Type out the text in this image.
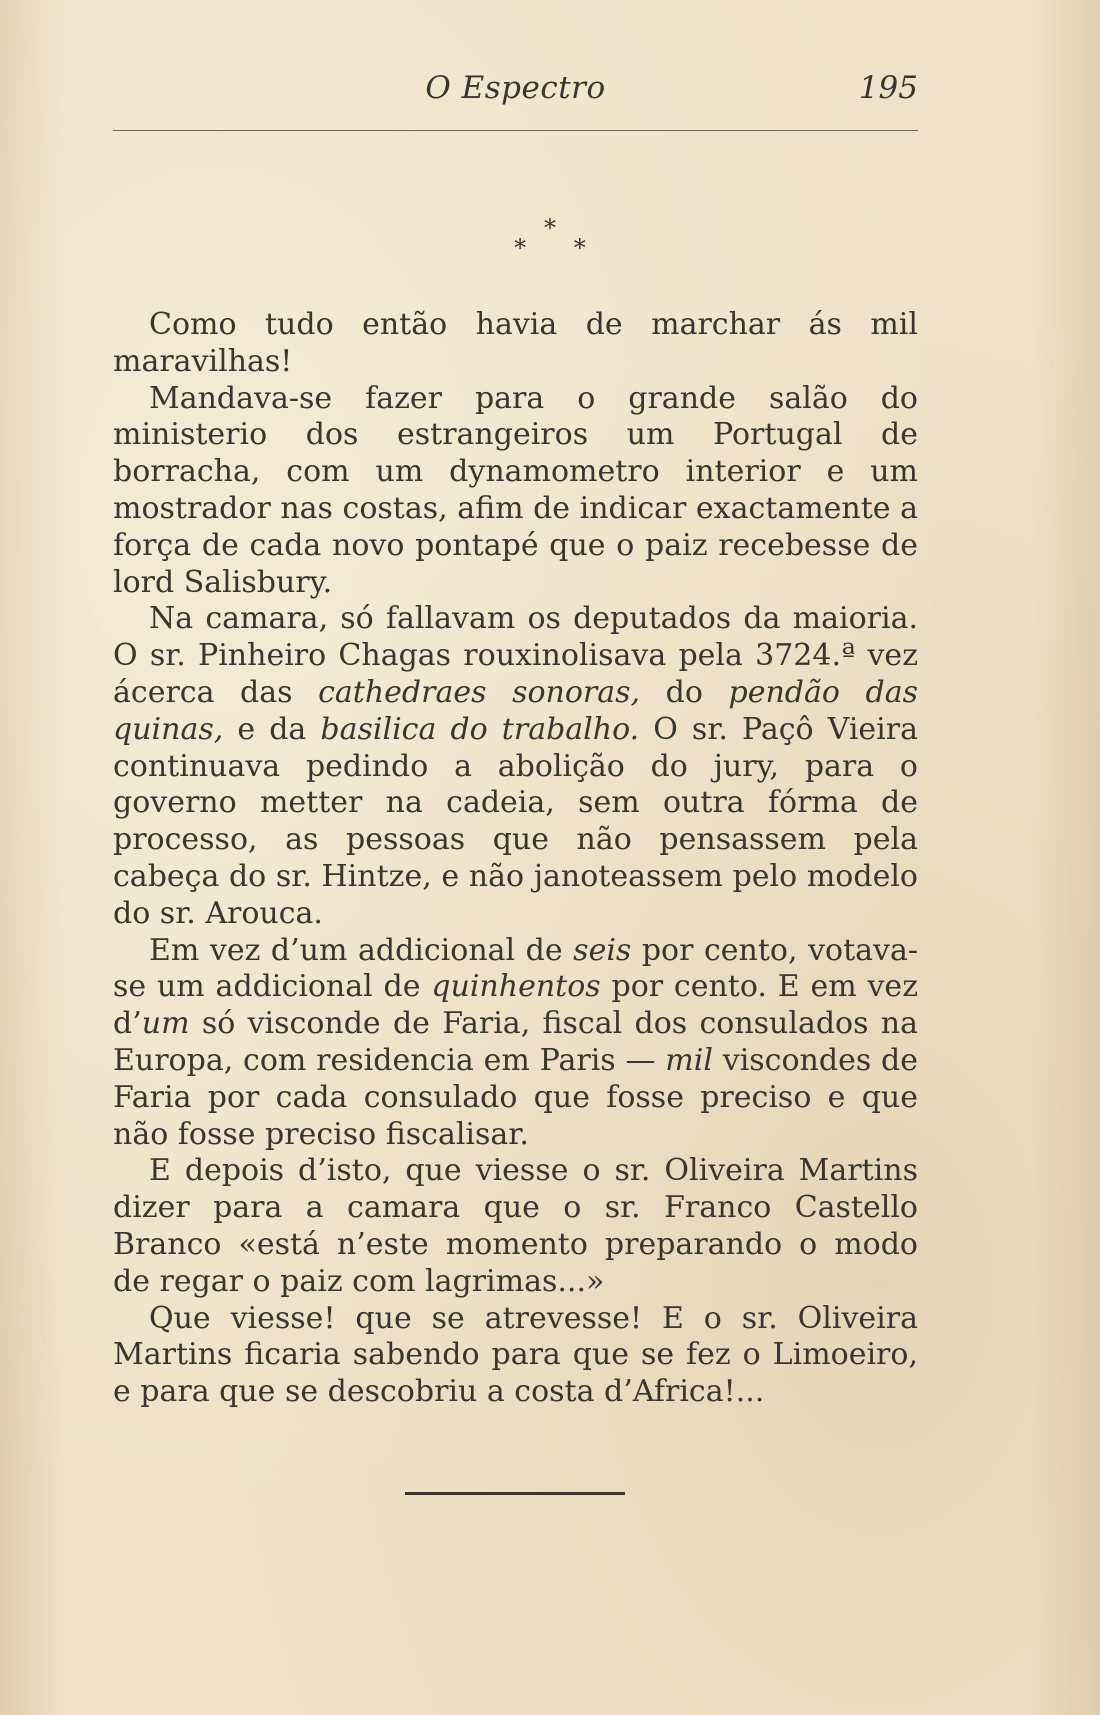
O Espectro	195
*
* *

Como tudo então havia de marchar ás mil maravilhas!

Mandava-se fazer para o grande salão do ministerio dos estrangeiros um Portugal de borracha, com um dynamometro interior e um mostrador nas costas, afim de indicar exactamente a força de cada novo pontapé que o paiz recebesse de lord Salisbury.

Na camara, só fallavam os deputados da maioria. O sr. Pinheiro Chagas rouxinolisava pela 3724.ª vez ácerca das cathedraes sonoras, do pendão das quinas, e da basilica do trabalho. O sr. Paçô Vieira continuava pedindo a abolição do jury, para o governo metter na cadeia, sem outra fórma de processo, as pessoas que não pensassem pela cabeça do sr. Hintze, e não janoteassem pelo modelo do sr. Arouca.

Em vez d’um addicional de seis por cento, votava-se um addicional de quinhentos por cento. E em vez d’um só visconde de Faria, fiscal dos consulados na Europa, com residencia em Paris — mil viscondes de Faria por cada consulado que fosse preciso e que não fosse preciso fiscalisar.

E depois d’isto, que viesse o sr. Oliveira Martins dizer para a camara que o sr. Franco Castello Branco «está n’este momento preparando o modo de regar o paiz com lagrimas...»

Que viesse! que se atrevesse! E o sr. Oliveira Martins ficaria sabendo para que se fez o Limoeiro, e para que se descobriu a costa d’Africa!...
